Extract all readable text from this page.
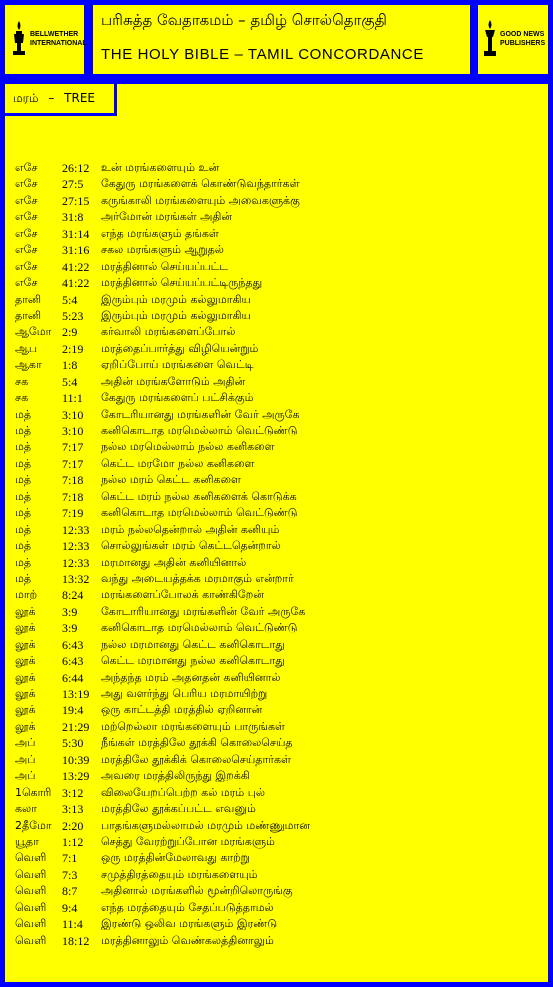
BELLWETHER
INTERNATIONAL
பரிசுத்த வேதாகமம் – தமிழ் சொல்தொகுதி
THE HOLY BIBLE – TAMIL CONCORDANCE
GOOD NEWS
PUBLISHERS
மரம் – TREE
எசே 26:12 உன் மரங்களையும் உன்
எசே 27:5 கேதுரு மரங்களைக் கொண்டுவந்தார்கள்
எசே 27:15 கருங்காலி மரங்களையும் அவைகளுக்கு
எசே 31:8 அர்மோன் மரங்கள் அதின்
எசே 31:14 எந்த மரங்களும் தங்கள்
எசே 31:16 சகல மரங்களும் ஆறுதல்
எசே 41:22 மரத்தினால் செய்யப்பட்ட
எசே 41:22 மரத்தினால் செய்யப்பட்டிருந்தது
தானி 5:4 இரும்பும் மரமும் கல்லுமாகிய
தானி 5:23 இரும்பும் மரமும் கல்லுமாகிய
ஆமோ 2:9 கர்வாலி மரங்களைப்போல்
ஆப 2:19 மரத்தைப்பார்த்து விழியென்றும்
ஆகா 1:8 ஏறிப்போய் மரங்களை வெட்டி
சக	5:4 அதின் மரங்களோடும் அதின்
சக	11:1 கேதுரு மரங்களைப் பட்சிக்கும்
மத்	3:10 கோடரியானது மரங்களின் வேர் அருகே
மத்	3:10 கனிகொடாத மரமெல்லாம் வெட்டுண்டு
மத்	7:17 நல்ல மரமெல்லாம் நல்ல கனிகளை
மத்	7:17 கெட்ட மரமோ நல்ல கனிகளை
மத்	7:18 நல்ல மரம் கெட்ட கனிகளை
மத்	7:18 கெட்ட மரம் நல்ல கனிகளைக் கொடுக்க
மத்	7:19 கனிகொடாத மரமெல்லாம் வெட்டுண்டு
மத்	12:33 மரம் நல்லதென்றால் அதின் கனியும்
மத்	12:33 சொல்லுங்கள் மரம் கெட்டதென்றால்
மத்	12:33 மரமானது அதின் கனியினால்
மத்	13:32 வந்து அடையத்தக்க மரமாகும் என்றார்
மாற் 8:24 மரங்களைப்போலக் காண்கிறேன்
லூக் 3:9 கோடாரியானது மரங்களின் வேர் அருகே
லூக் 3:9 கனிகொடாத மரமெல்லாம் வெட்டுண்டு
லூக் 6:43 நல்ல மரமானது கெட்ட கனிகொடாது
லூக் 6:43 கெட்ட மரமானது நல்ல கனிகொடாது
லூக் 6:44 அந்தந்த மரம் அதனதன் கனியினால்
லூக் 13:19 அது வளர்ந்து பெரிய மரமாயிற்று
லூக் 19:4 ஒரு காட்டத்தி மரத்தில் ஏறினான்
லூக் 21:29 மற்றெல்லா மரங்களையும் பாருங்கள்
அப் 5:30 நீங்கள் மரத்திலே தூக்கி கொலைசெய்த
அப் 10:39 மரத்திலே தூக்கிக் கொலைசெய்தார்கள்
அப் 13:29 அவரை மரத்திலிருந்து இறக்கி
1கொரி 3:12 விலையேறப்பெற்ற கல் மரம் புல்
கலா 3:13 மரத்திலே தூக்கப்பட்ட எவனும்
2தீமோ 2:20 பாதங்களுமல்லாமல் மரமும் மண்ணுமான
யூதா 1:12 செத்து வேரற்றுப்போன மரங்களும்
வெளி 7:1 ஒரு மரத்தின்மேலாவது காற்று
வெளி 7:3 சமுத்திரத்தையும் மரங்களையும்
வெளி 8:7 அதினால் மரங்களில் மூன்றிலொருங்கு
வெளி 9:4 எந்த மரத்தையும் சேதப்படுத்தாமல்
வெளி 11:4 இரண்டு ஒலிவ மரங்களும் இரண்டு
வெளி 18:12 மரத்தினாலும் வெண்கலத்தினாலும்
